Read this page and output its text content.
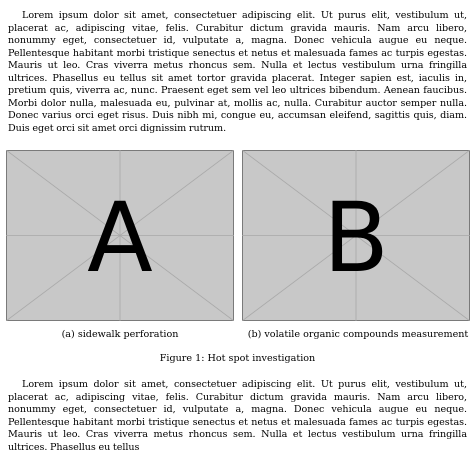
Lorem ipsum dolor sit amet, consectetuer adipiscing elit. Ut purus elit, vestibulum ut, placerat ac, adipiscing vitae, felis. Curabitur dictum gravida mauris. Nam arcu libero, nonummy eget, consectetuer id, vulputate a, magna. Donec vehicula augue eu neque. Pellentesque habitant morbi tristique senectus et netus et malesuada fames ac turpis egestas. Mauris ut leo. Cras viverra metus rhoncus sem. Nulla et lectus vestibulum urna fringilla ultrices. Phasellus eu tellus sit amet tortor gravida placerat. Integer sapien est, iaculis in, pretium quis, viverra ac, nunc. Praesent eget sem vel leo ultrices bibendum. Aenean faucibus. Morbi dolor nulla, malesuada eu, pulvinar at, mollis ac, nulla. Curabitur auctor semper nulla. Donec varius orci eget risus. Duis nibh mi, congue eu, accumsan eleifend, sagittis quis, diam. Duis eget orci sit amet orci dignissim rutrum.

A
(a) sidewalk perforation
B
(b) volatile organic compounds measurement
Figure 1: Hot spot investigation

Lorem ipsum dolor sit amet, consectetuer adipiscing elit. Ut purus elit, vestibulum ut, placerat ac, adipiscing vitae, felis. Curabitur dictum gravida mauris. Nam arcu libero, nonummy eget, consectetuer id, vulputate a, magna. Donec vehicula augue eu neque. Pellentesque habitant morbi tristique senectus et netus et malesuada fames ac turpis egestas. Mauris ut leo. Cras viverra metus rhoncus sem. Nulla et lectus vestibulum urna fringilla ultrices. Phasellus eu tellus
